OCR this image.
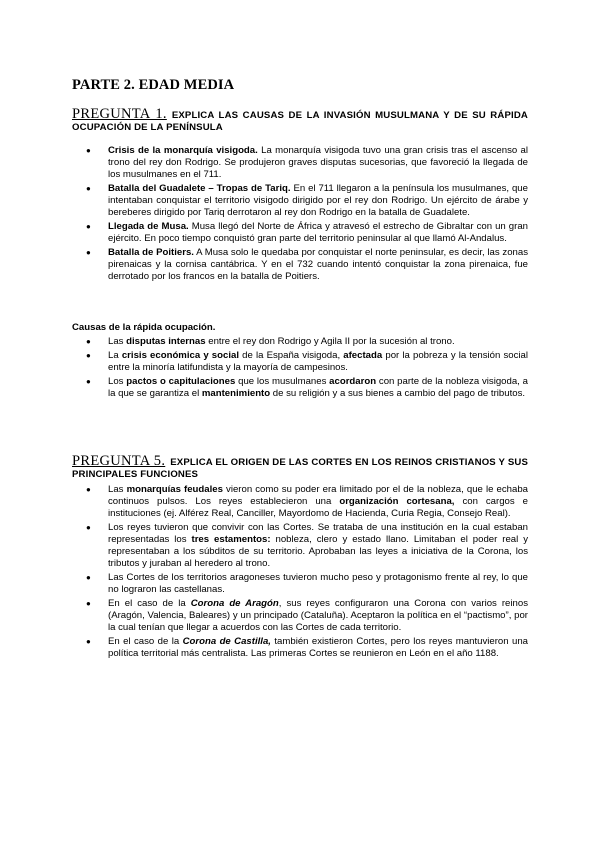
PARTE 2. EDAD MEDIA

PREGUNTA 1. EXPLICA LAS CAUSAS DE LA INVASIÓN MUSULMANA Y DE SU RÁPIDA OCUPACIÓN DE LA PENÍNSULA

● Crisis de la monarquía visigoda. La monarquía visigoda tuvo una gran crisis tras el ascenso al trono del rey don Rodrigo. Se produjeron graves disputas sucesorias, que favoreció la llegada de los musulmanes en el 711.
● Batalla del Guadalete – Tropas de Tariq. En el 711 llegaron a la península los musulmanes, que intentaban conquistar el territorio visigodo dirigido por el rey don Rodrigo. Un ejército de árabe y bereberes dirigido por Tariq derrotaron al rey don Rodrigo en la batalla de Guadalete.
● Llegada de Musa. Musa llegó del Norte de África y atravesó el estrecho de Gibraltar con un gran ejército. En poco tiempo conquistó gran parte del territorio peninsular al que llamó Al-Andalus.
● Batalla de Poitiers. A Musa solo le quedaba por conquistar el norte peninsular, es decir, las zonas pirenaicas y la cornisa cantábrica. Y en el 732 cuando intentó conquistar la zona pirenaica, fue derrotado por los francos en la batalla de Poitiers.

Causas de la rápida ocupación.

● Las disputas internas entre el rey don Rodrigo y Agila II por la sucesión al trono.
● La crisis económica y social de la España visigoda, afectada por la pobreza y la tensión social entre la minoría latifundista y la mayoría de campesinos.
● Los pactos o capitulaciones que los musulmanes acordaron con parte de la nobleza visigoda, a la que se garantiza el mantenimiento de su religión y a sus bienes a cambio del pago de tributos.

PREGUNTA 5. EXPLICA EL ORIGEN DE LAS CORTES EN LOS REINOS CRISTIANOS Y SUS PRINCIPALES FUNCIONES

● Las monarquías feudales vieron como su poder era limitado por el de la nobleza, que le echaba continuos pulsos. Los reyes establecieron una organización cortesana, con cargos e instituciones (ej. Alférez Real, Canciller, Mayordomo de Hacienda, Curia Regia, Consejo Real).
● Los reyes tuvieron que convivir con las Cortes. Se trataba de una institución en la cual estaban representadas los tres estamentos: nobleza, clero y estado llano. Limitaban el poder real y representaban a los súbditos de su territorio. Aprobaban las leyes a iniciativa de la Corona, los tributos y juraban al heredero al trono.
● Las Cortes de los territorios aragoneses tuvieron mucho peso y protagonismo frente al rey, lo que no lograron las castellanas.
● En el caso de la Corona de Aragón, sus reyes configuraron una Corona con varios reinos (Aragón, Valencia, Baleares) y un principado (Cataluña). Aceptaron la política en el “pactismo”, por la cual tenían que llegar a acuerdos con las Cortes de cada territorio.
● En el caso de la Corona de Castilla, también existieron Cortes, pero los reyes mantuvieron una política territorial más centralista. Las primeras Cortes se reunieron en León en el año 1188.
